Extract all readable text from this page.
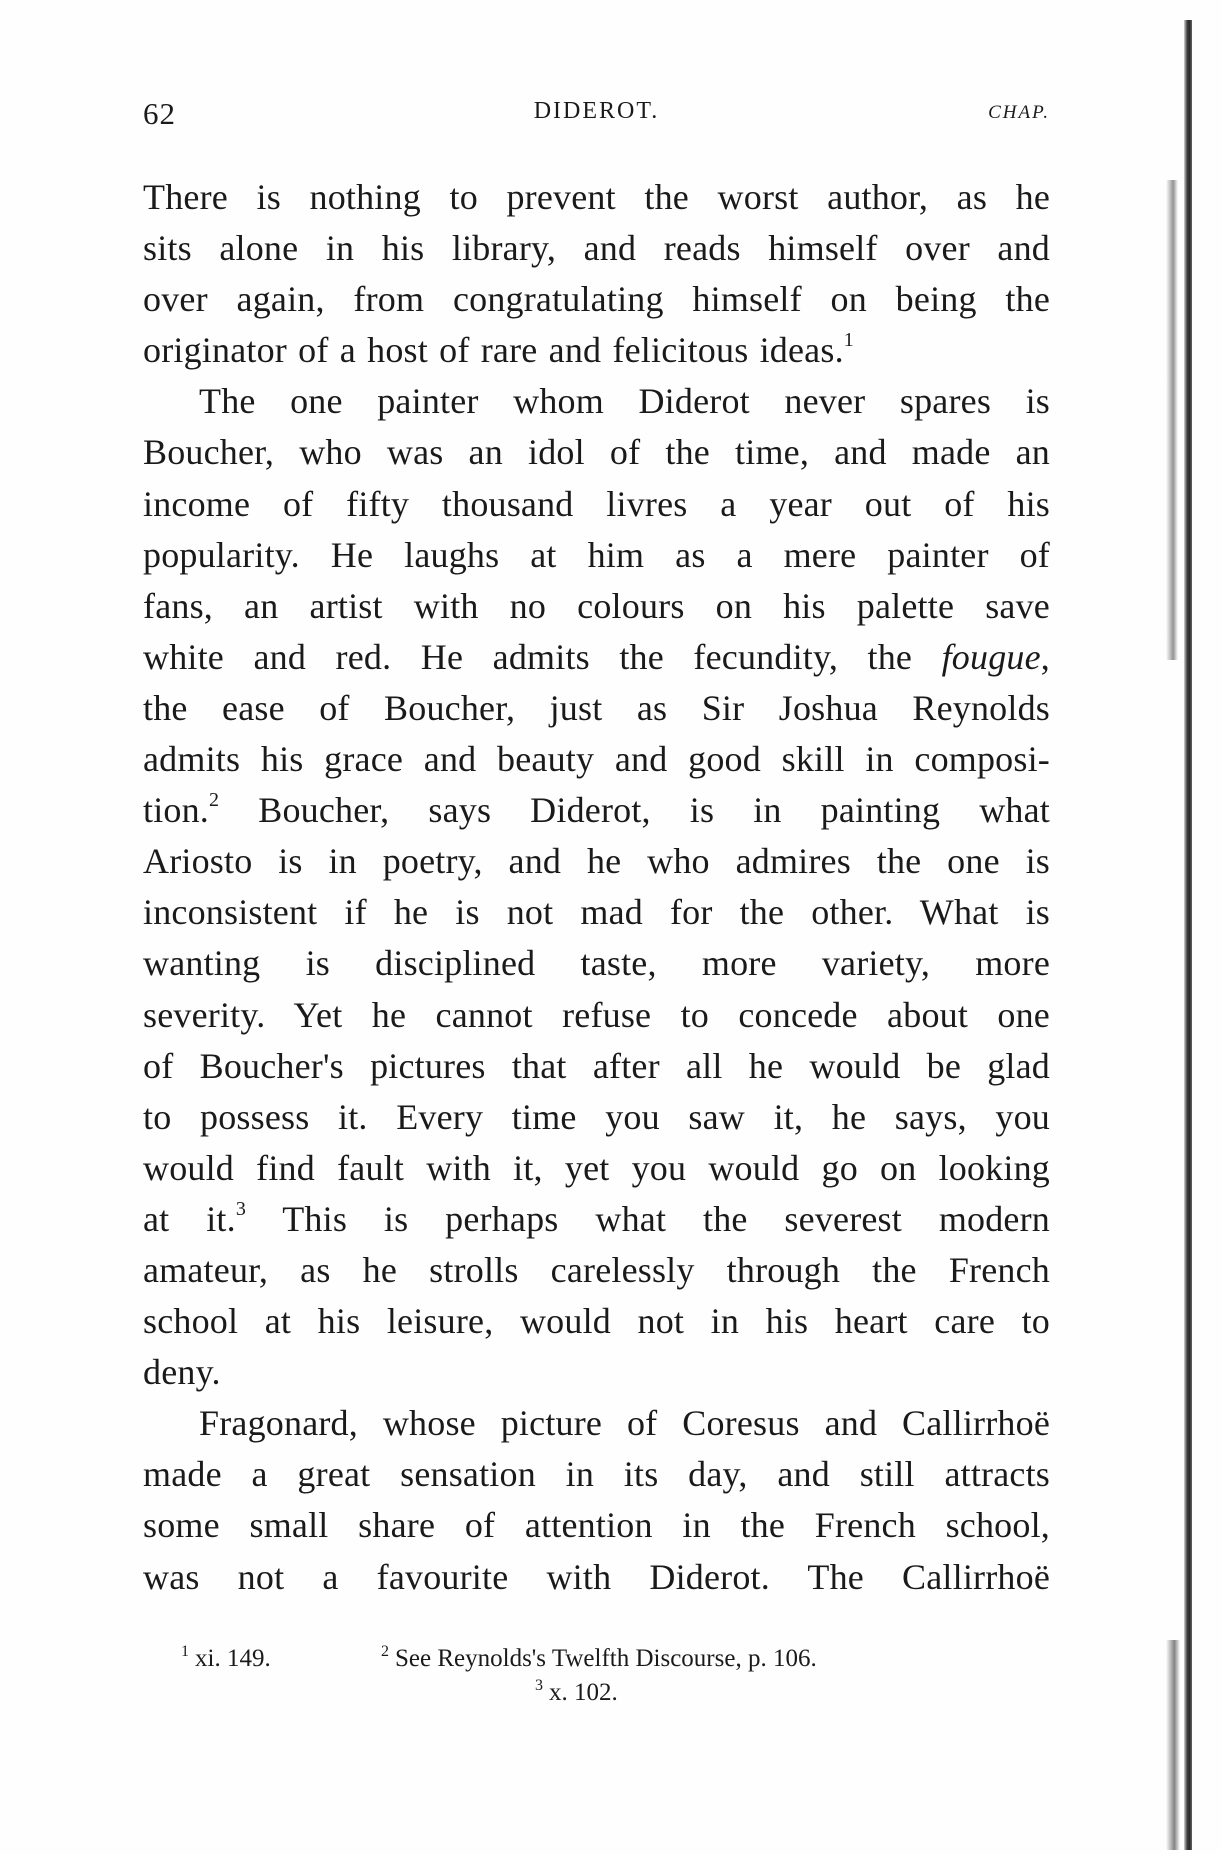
62	DIDEROT.	CHAP.
There is nothing to prevent the worst author, as he
sits alone in his library, and reads himself over and
over again, from congratulating himself on being the
originator of a host of rare and felicitous ideas.$^1$
The one painter whom Diderot never spares is
Boucher, who was an idol of the time, and made an
income of fifty thousand livres a year out of his
popularity. He laughs at him as a mere painter of
fans, an artist with no colours on his palette save
white and red. He admits the fecundity, the fougue,
the ease of Boucher, just as Sir Joshua Reynolds
admits his grace and beauty and good skill in composi-
tion.$^2$ Boucher, says Diderot, is in painting what
Ariosto is in poetry, and he who admires the one is
inconsistent if he is not mad for the other. What is
wanting is disciplined taste, more variety, more
severity. Yet he cannot refuse to concede about one
of Boucher's pictures that after all he would be glad
to possess it. Every time you saw it, he says, you
would find fault with it, yet you would go on looking
at it.$^3$ This is perhaps what the severest modern
amateur, as he strolls carelessly through the French
school at his leisure, would not in his heart care to
deny.
Fragonard, whose picture of Coresus and Callirrhoë
made a great sensation in its day, and still attracts
some small share of attention in the French school,
was not a favourite with Diderot. The Callirrhoë
$^1$ xi. 149.	$^2$ See Reynolds's Twelfth Discourse, p. 106.
$^3$ x. 102.
